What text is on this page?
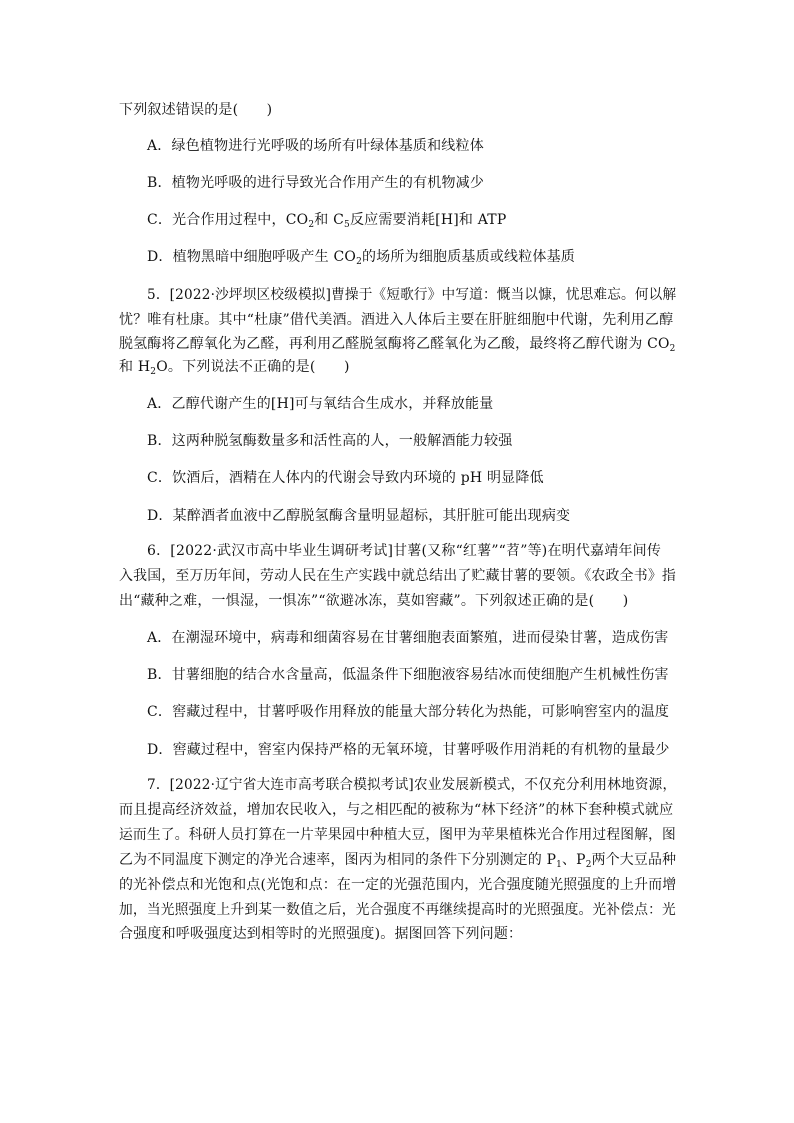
下列叙述错误的是(　　)
A．绿色植物进行光呼吸的场所有叶绿体基质和线粒体
B．植物光呼吸的进行导致光合作用产生的有机物减少
C．光合作用过程中，$CO_2$和 $C_5$反应需要消耗[H]和 ATP
D．植物黑暗中细胞呼吸产生 $CO_2$的场所为细胞质基质或线粒体基质
5．[2022·沙坪坝区校级模拟]曹操于《短歌行》中写道：慨当以慷，忧思难忘。何以解
忧？唯有杜康。其中“杜康”借代美酒。酒进入人体后主要在肝脏细胞中代谢，先利用乙醇
脱氢酶将乙醇氧化为乙醛，再利用乙醛脱氢酶将乙醛氧化为乙酸，最终将乙醇代谢为 $CO_2$
和 $H_2O$。下列说法不正确的是(　　)
A．乙醇代谢产生的[H]可与氧结合生成水，并释放能量
B．这两种脱氢酶数量多和活性高的人，一般解酒能力较强
C．饮酒后，酒精在人体内的代谢会导致内环境的 pH 明显降低
D．某醉酒者血液中乙醇脱氢酶含量明显超标，其肝脏可能出现病变
6．[2022·武汉市高中毕业生调研考试]甘薯(又称“红薯”“苕”等)在明代嘉靖年间传
入我国，至万历年间，劳动人民在生产实践中就总结出了贮藏甘薯的要领。《农政全书》指
出“藏种之难，一惧湿，一惧冻”“欲避冰冻，莫如窖藏”。下列叙述正确的是(　　)
A．在潮湿环境中，病毒和细菌容易在甘薯细胞表面繁殖，进而侵染甘薯，造成伤害
B．甘薯细胞的结合水含量高，低温条件下细胞液容易结冰而使细胞产生机械性伤害
C．窖藏过程中，甘薯呼吸作用释放的能量大部分转化为热能，可影响窖室内的温度
D．窖藏过程中，窖室内保持严格的无氧环境，甘薯呼吸作用消耗的有机物的量最少
7．[2022·辽宁省大连市高考联合模拟考试]农业发展新模式，不仅充分利用林地资源，
而且提高经济效益，增加农民收入，与之相匹配的被称为“林下经济”的林下套种模式就应
运而生了。科研人员打算在一片苹果园中种植大豆，图甲为苹果植株光合作用过程图解，图
乙为不同温度下测定的净光合速率，图丙为相同的条件下分别测定的 $P_1$、$P_2$两个大豆品种
的光补偿点和光饱和点(光饱和点：在一定的光强范围内，光合强度随光照强度的上升而增
加，当光照强度上升到某一数值之后，光合强度不再继续提高时的光照强度。光补偿点：光
合强度和呼吸强度达到相等时的光照强度)。据图回答下列问题：
